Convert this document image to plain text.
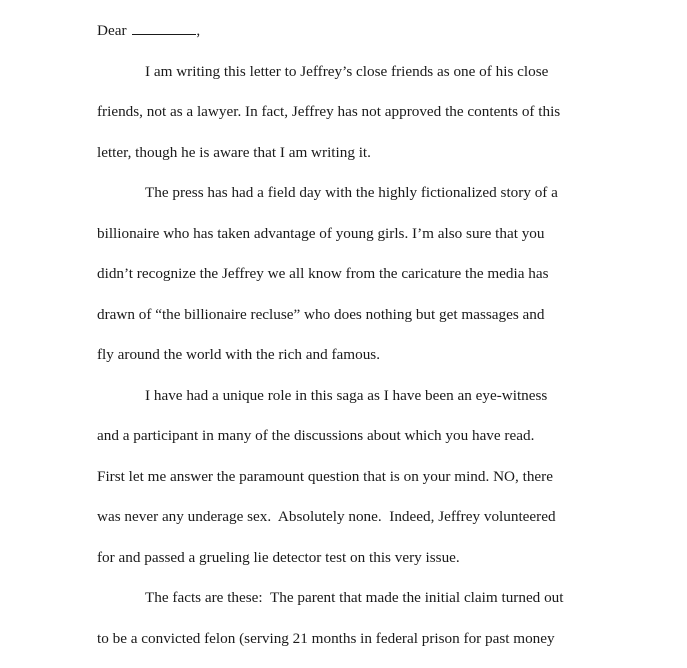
Dear	,
I am writing this letter to Jeffrey’s close friends as one of his close
friends, not as a lawyer. In fact, Jeffrey has not approved the contents of this
letter, though he is aware that I am writing it.
The press has had a field day with the highly fictionalized story of a
billionaire who has taken advantage of young girls. I’m also sure that you
didn’t recognize the Jeffrey we all know from the caricature the media has
drawn of “the billionaire recluse” who does nothing but get massages and
fly around the world with the rich and famous.
I have had a unique role in this saga as I have been an eye-witness
and a participant in many of the discussions about which you have read.
First let me answer the paramount question that is on your mind. NO, there
was never any underage sex.  Absolutely none.  Indeed, Jeffrey volunteered
for and passed a grueling lie detector test on this very issue.
The facts are these:  The parent that made the initial claim turned out
to be a convicted felon (serving 21 months in federal prison for past money
